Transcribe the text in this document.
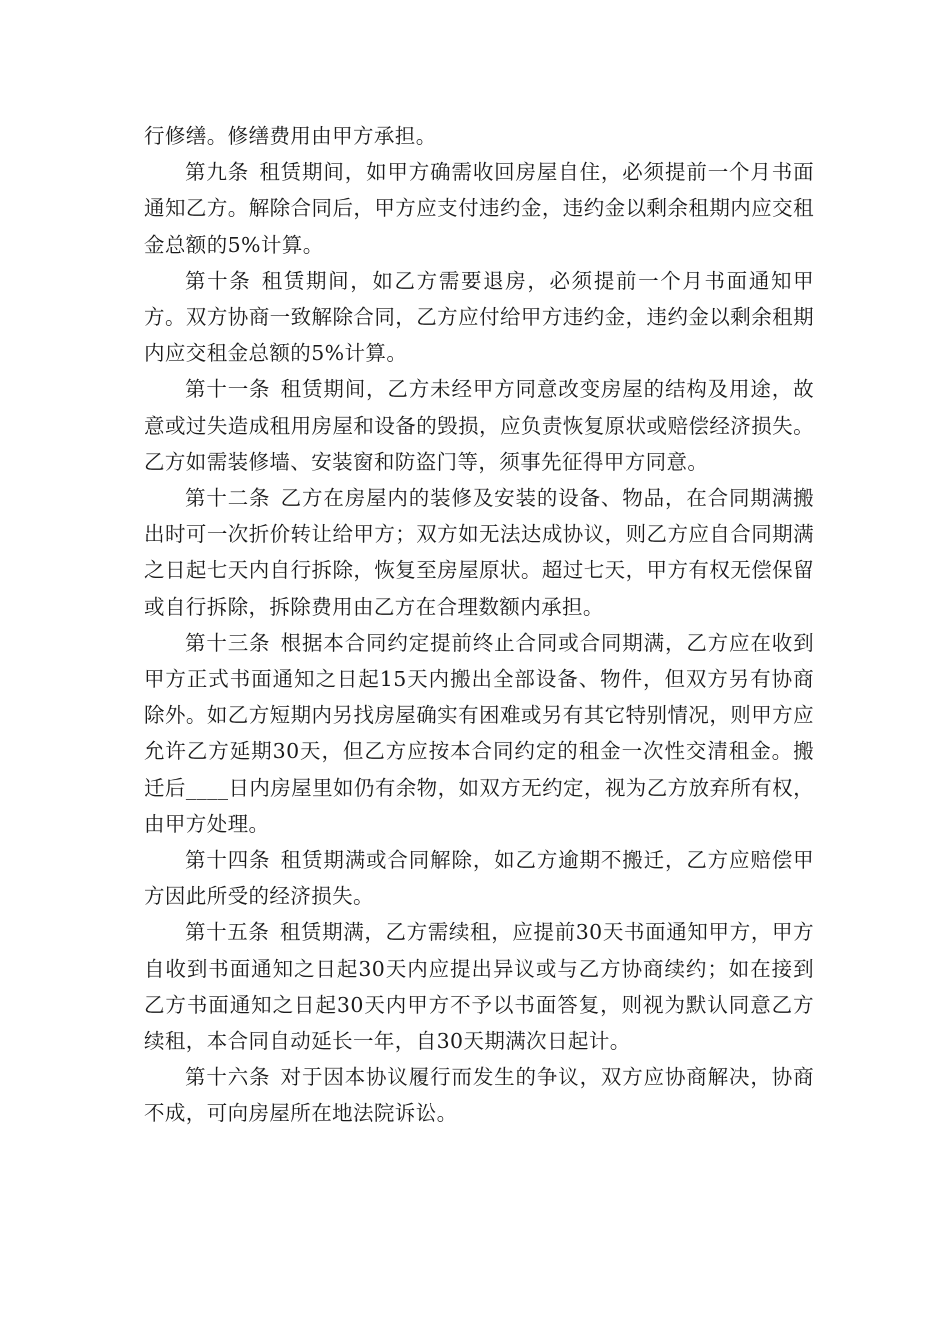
行修缮。修缮费用由甲方承担。

第九条 租赁期间，如甲方确需收回房屋自住，必须提前一个月书面通知乙方。解除合同后，甲方应支付违约金，违约金以剩余租期内应交租金总额的5%计算。

第十条 租赁期间，如乙方需要退房，必须提前一个月书面通知甲方。双方协商一致解除合同，乙方应付给甲方违约金，违约金以剩余租期内应交租金总额的5%计算。

第十一条 租赁期间，乙方未经甲方同意改变房屋的结构及用途，故意或过失造成租用房屋和设备的毁损，应负责恢复原状或赔偿经济损失。乙方如需装修墙、安装窗和防盗门等，须事先征得甲方同意。

第十二条 乙方在房屋内的装修及安装的设备、物品，在合同期满搬出时可一次折价转让给甲方；双方如无法达成协议，则乙方应自合同期满之日起七天内自行拆除，恢复至房屋原状。超过七天，甲方有权无偿保留或自行拆除，拆除费用由乙方在合理数额内承担。

第十三条 根据本合同约定提前终止合同或合同期满，乙方应在收到甲方正式书面通知之日起15天内搬出全部设备、物件，但双方另有协商除外。如乙方短期内另找房屋确实有困难或另有其它特别情况，则甲方应允许乙方延期30天，但乙方应按本合同约定的租金一次性交清租金。搬迁后____日内房屋里如仍有余物，如双方无约定，视为乙方放弃所有权，由甲方处理。

第十四条 租赁期满或合同解除，如乙方逾期不搬迁，乙方应赔偿甲方因此所受的经济损失。

第十五条 租赁期满，乙方需续租，应提前30天书面通知甲方，甲方自收到书面通知之日起30天内应提出异议或与乙方协商续约；如在接到乙方书面通知之日起30天内甲方不予以书面答复，则视为默认同意乙方续租，本合同自动延长一年，自30天期满次日起计。

第十六条 对于因本协议履行而发生的争议，双方应协商解决，协商不成，可向房屋所在地法院诉讼。
